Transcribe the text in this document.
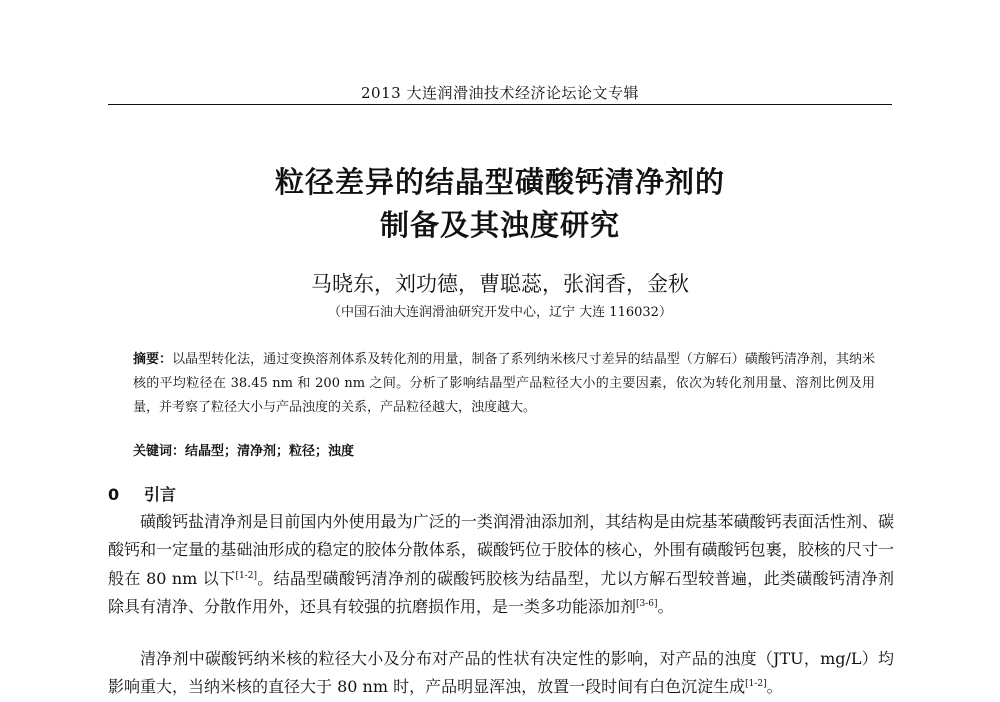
2013 大连润滑油技术经济论坛论文专辑
粒径差异的结晶型磺酸钙清净剂的
制备及其浊度研究
马晓东，刘功德，曹聪蕊，张润香，金秋
（中国石油大连润滑油研究开发中心，辽宁 大连 116032）

摘要：以晶型转化法，通过变换溶剂体系及转化剂的用量，制备了系列纳米核尺寸差异的结晶型（方解石）磺酸钙清净剂，其纳米核的平均粒径在 38.45 nm 和 200 nm 之间。分析了影响结晶型产品粒径大小的主要因素，依次为转化剂用量、溶剂比例及用量，并考察了粒径大小与产品浊度的关系，产品粒径越大，浊度越大。

关键词：结晶型；清净剂；粒径；浊度

0 引言

磺酸钙盐清净剂是目前国内外使用最为广泛的一类润滑油添加剂，其结构是由烷基苯磺酸钙表面活性剂、碳酸钙和一定量的基础油形成的稳定的胶体分散体系，碳酸钙位于胶体的核心，外围有磺酸钙包裹，胶核的尺寸一般在 80 nm 以下[1-2]。结晶型磺酸钙清净剂的碳酸钙胶核为结晶型，尤以方解石型较普遍，此类磺酸钙清净剂除具有清净、分散作用外，还具有较强的抗磨损作用，是一类多功能添加剂[3-6]。

清净剂中碳酸钙纳米核的粒径大小及分布对产品的性状有决定性的影响，对产品的浊度（JTU，mg/L）均影响重大，当纳米核的直径大于 80 nm 时，产品明显浑浊，放置一段时间有白色沉淀生成[1-2]。
